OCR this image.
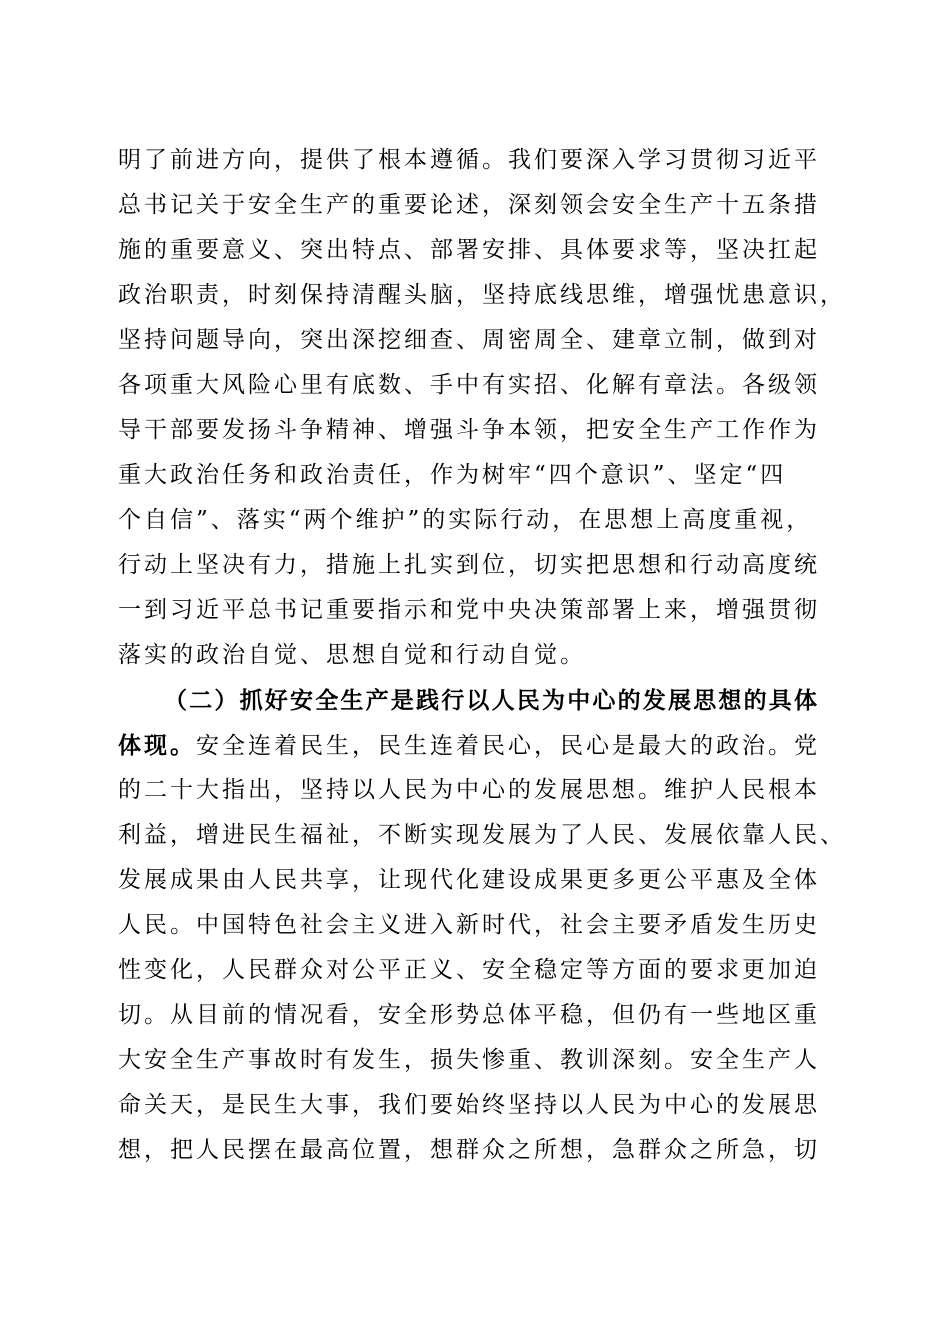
明了前进方向，提供了根本遵循。我们要深入学习贯彻习近平
总书记关于安全生产的重要论述，深刻领会安全生产十五条措
施的重要意义、突出特点、部署安排、具体要求等，坚决扛起
政治职责，时刻保持清醒头脑，坚持底线思维，增强忧患意识，
坚持问题导向，突出深挖细查、周密周全、建章立制，做到对
各项重大风险心里有底数、手中有实招、化解有章法。各级领
导干部要发扬斗争精神、增强斗争本领，把安全生产工作作为
重大政治任务和政治责任，作为树牢“四个意识”、坚定“四
个自信”、落实“两个维护”的实际行动，在思想上高度重视，
行动上坚决有力，措施上扎实到位，切实把思想和行动高度统
一到习近平总书记重要指示和党中央决策部署上来，增强贯彻
落实的政治自觉、思想自觉和行动自觉。
（二）抓好安全生产是践行以人民为中心的发展思想的具体
体现。安全连着民生，民生连着民心，民心是最大的政治。党
的二十大指出，坚持以人民为中心的发展思想。维护人民根本
利益，增进民生福祉，不断实现发展为了人民、发展依靠人民、
发展成果由人民共享，让现代化建设成果更多更公平惠及全体
人民。中国特色社会主义进入新时代，社会主要矛盾发生历史
性变化，人民群众对公平正义、安全稳定等方面的要求更加迫
切。从目前的情况看，安全形势总体平稳，但仍有一些地区重
大安全生产事故时有发生，损失惨重、教训深刻。安全生产人
命关天，是民生大事，我们要始终坚持以人民为中心的发展思
想，把人民摆在最高位置，想群众之所想，急群众之所急，切
